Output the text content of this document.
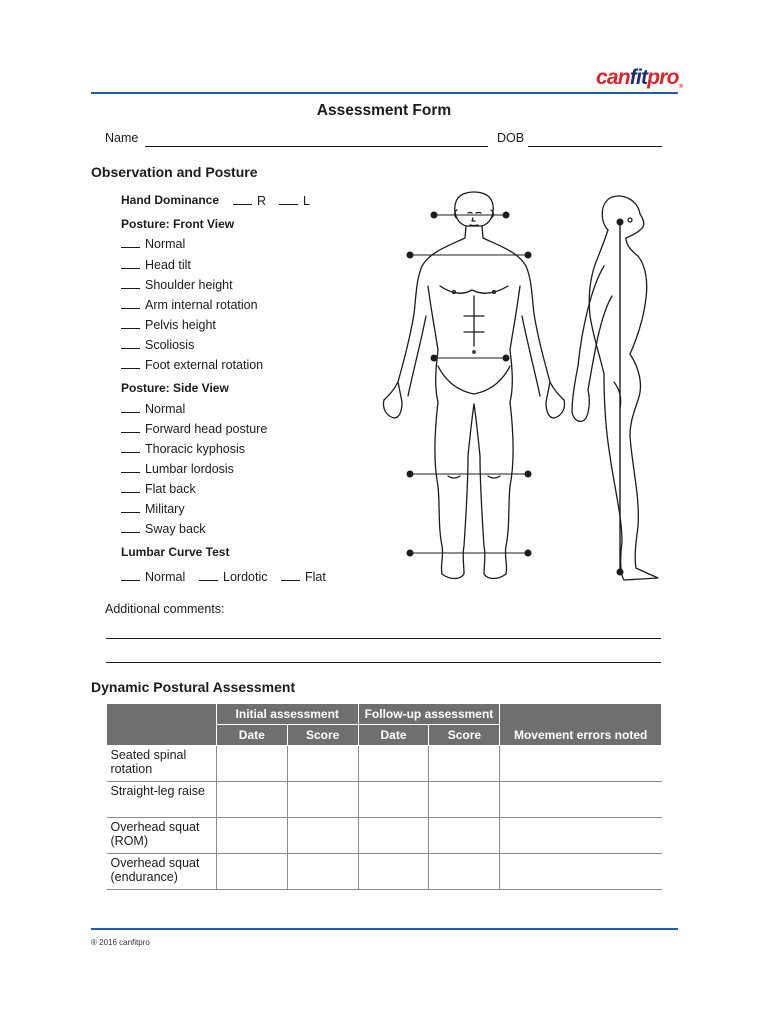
canfitpro®
Assessment Form
Name	DOB
Observation and Posture
Hand Dominance	R	L
Posture: Front View
Normal
Head tilt
Shoulder height
Arm internal rotation
Pelvis height
Scoliosis
Foot external rotation
Posture: Side View
Normal
Forward head posture
Thoracic kyphosis
Lumbar lordosis
Flat back
Military
Sway back
Lumbar Curve Test
Normal	Lordotic	Flat
Additional comments:
Dynamic Postural Assessment
	Initial assessment		Follow-up assessment		Movement errors noted
	Date	Score	Date	Score	
Seated spinal rotation					
Straight-leg raise					
Overhead squat (ROM)					
Overhead squat (endurance)					
® 2016 canfitpro
